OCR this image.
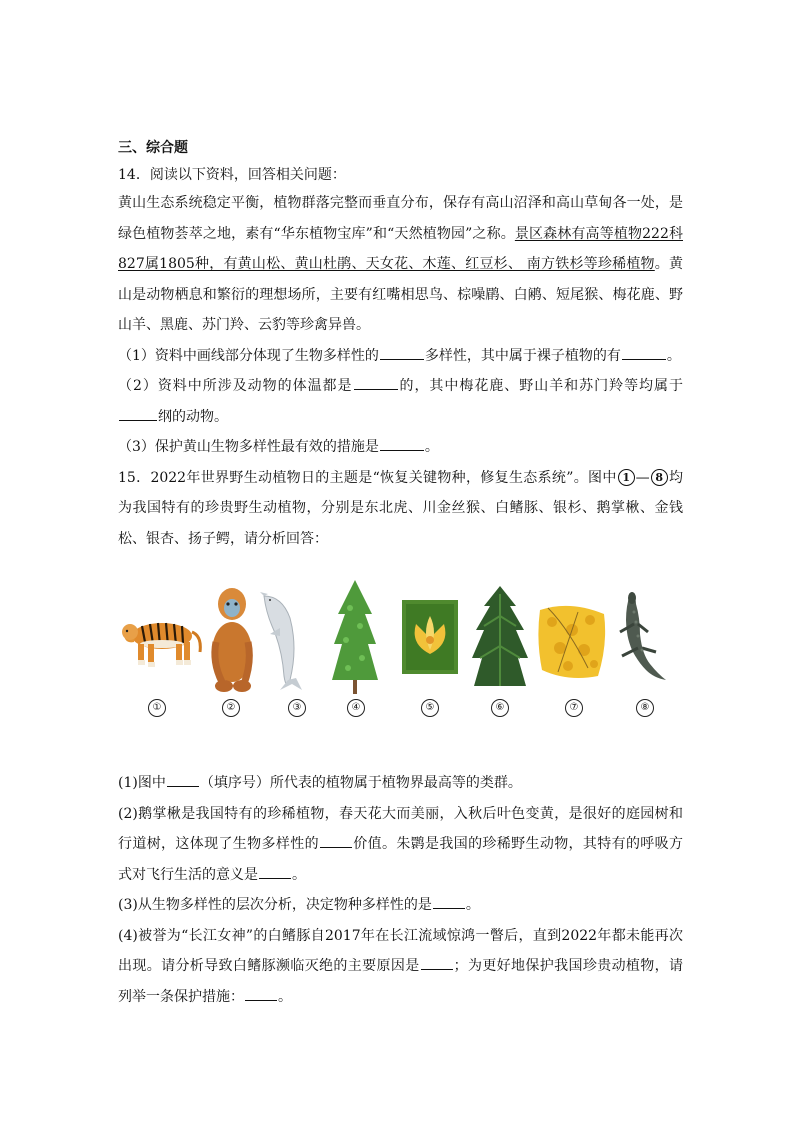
三、综合题

14．阅读以下资料，回答相关问题：

黄山生态系统稳定平衡，植物群落完整而垂直分布，保存有高山沼泽和高山草甸各一处，是绿色植物荟萃之地，素有“华东植物宝库”和“天然植物园”之称。景区森林有高等植物222科827属1805种，有黄山松、黄山杜鹃、天女花、木莲、红豆杉、 南方铁杉等珍稀植物。黄山是动物栖息和繁衍的理想场所，主要有红嘴相思鸟、棕噪鹛、白鹇、短尾猴、梅花鹿、野山羊、黑鹿、苏门羚、云豹等珍禽异兽。

（1）资料中画线部分体现了生物多样性的	多样性，其中属于裸子植物的有	。

（2）资料中所涉及动物的体温都是	的，其中梅花鹿、野山羊和苏门羚等均属于纲的动物。

（3）保护黄山生物多样性最有效的措施是	。

15．2022年世界野生动植物日的主题是“恢复关键物种，修复生态系统”。图中 1 — 8 均为我国特有的珍贵野生动植物，分别是东北虎、川金丝猴、白鳍豚、银杉、鹅掌楸、金钱松、银杏、扬子鳄，请分析回答：

①	②	③	④	⑤	⑥	⑦	⑧

(1)图中 （填序号）所代表的植物属于植物界最高等的类群。

(2)鹅掌楸是我国特有的珍稀植物，春天花大而美丽，入秋后叶色变黄，是很好的庭园树和行道树，这体现了生物多样性的 价值。朱鹮是我国的珍稀野生动物，其特有的呼吸方式对飞行生活的意义是 。

(3)从生物多样性的层次分析，决定物种多样性的是 。

(4)被誉为“长江女神”的白鳍豚自2017年在长江流域惊鸿一瞥后，直到2022年都未能再次出现。请分析导致白鳍豚濒临灭绝的主要原因是 ；为更好地保护我国珍贵动植物，请列举一条保护措施： 。
